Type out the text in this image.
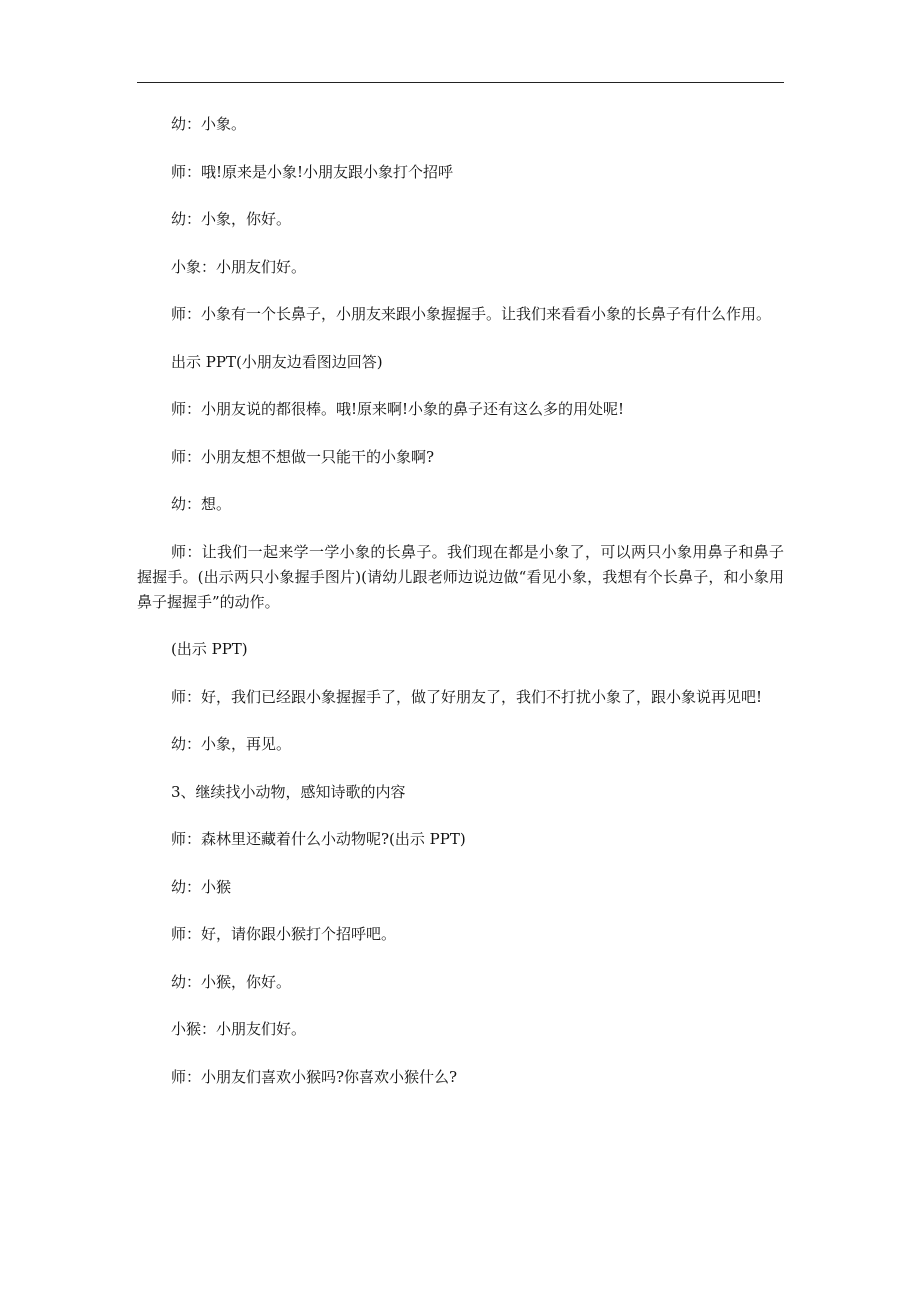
幼：小象。

师：哦!原来是小象!小朋友跟小象打个招呼

幼：小象，你好。

小象：小朋友们好。

师：小象有一个长鼻子，小朋友来跟小象握握手。让我们来看看小象的长鼻子有什么作用。

出示 PPT(小朋友边看图边回答)

师：小朋友说的都很棒。哦!原来啊!小象的鼻子还有这么多的用处呢!

师：小朋友想不想做一只能干的小象啊?

幼：想。

师：让我们一起来学一学小象的长鼻子。我们现在都是小象了，可以两只小象用鼻子和鼻子握握手。(出示两只小象握手图片)(请幼儿跟老师边说边做“看见小象，我想有个长鼻子，和小象用鼻子握握手”的动作。

(出示 PPT)

师：好，我们已经跟小象握握手了，做了好朋友了，我们不打扰小象了，跟小象说再见吧!

幼：小象，再见。

3、继续找小动物，感知诗歌的内容

师：森林里还藏着什么小动物呢?(出示 PPT)

幼：小猴

师：好，请你跟小猴打个招呼吧。

幼：小猴，你好。

小猴：小朋友们好。

师：小朋友们喜欢小猴吗?你喜欢小猴什么?
